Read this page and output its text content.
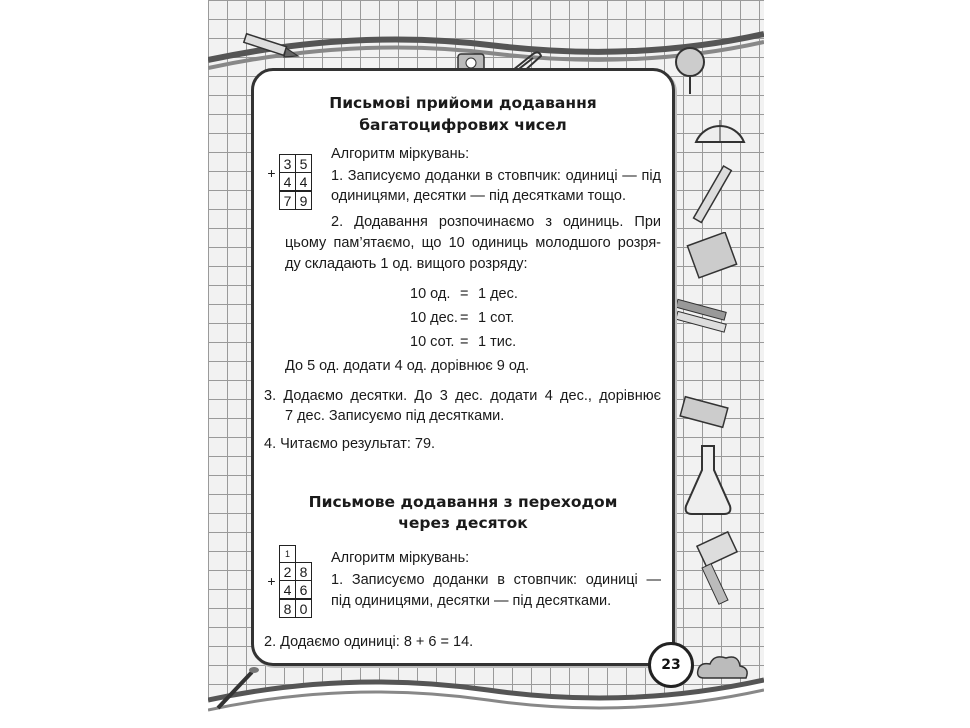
Письмові прийоми додавання
багатоцифрових чисел
+	3	5
	4	4
	7	9
Алгоритм міркувань:
1. Записуємо доданки в стовпчик: одиниці — під
одиницями, десятки — під десятками тощо.
2. Додавання розпочинаємо з одиниць. При
цьому пам’ятаємо, що 10 одиниць молодшого розря-
ду складають 1 од. вищого розряду:
10 од. = 1 дес.
10 дес. = 1 сот.
10 сот. = 1 тис.
До 5 од. додати 4 од. дорівнює 9 од.
3. Додаємо десятки. До 3 дес. додати 4 дес., дорівнює
7 дес. Записуємо під десятками.
4. Читаємо результат: 79.
Письмове додавання з переходом
через десяток
	1	
+	2	8
	4	6
	8	0
Алгоритм міркувань:
1. Записуємо доданки в стовпчик: одиниці —
під одиницями, десятки — під десятками.
2. Додаємо одиниці: 8 + 6 = 14.
23
